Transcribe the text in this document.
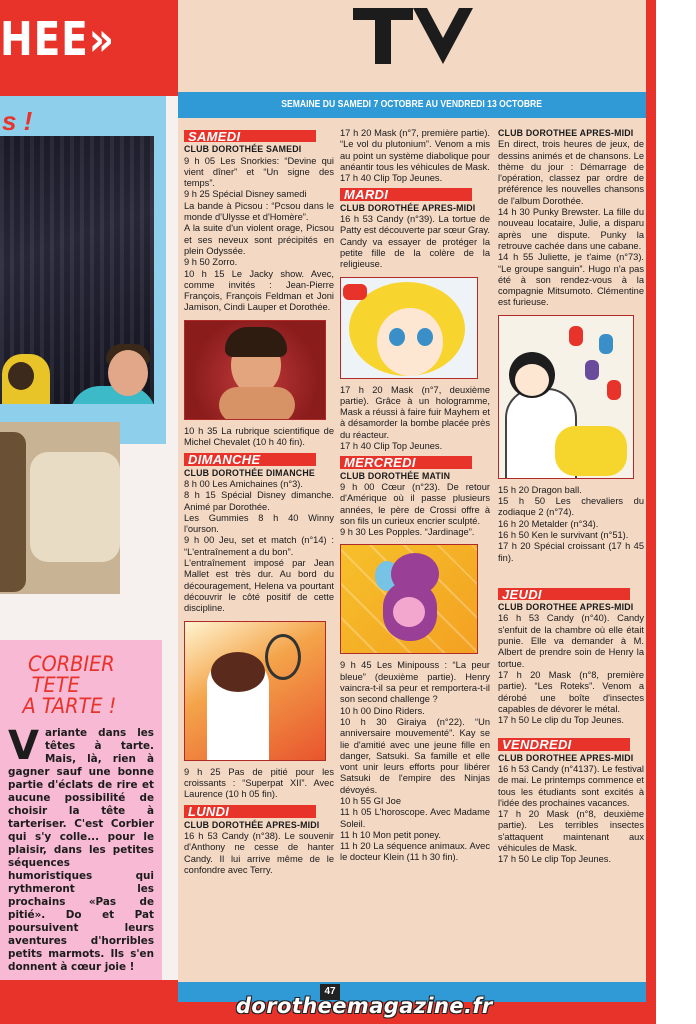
HEE»
s !
CORBIER
TETE
A TARTE !
Variante dans les têtes à tarte. Mais, là, rien à gagner sauf une bonne partie d'éclats de rire et aucune possibilité de choisir la tête à tarteriser. C'est Corbier qui s'y colle... pour le plaisir, dans les petites séquences humoristiques qui rythmeront les prochains «Pas de pitié». Do et Pat poursuivent leurs aventures d'horribles petits marmots. Ils s'en donnent à cœur joie !
SEMAINE DU SAMEDI 7 OCTOBRE AU VENDREDI 13 OCTOBRE
SAMEDI
CLUB DOROTHÉE SAMEDI
9 h 05 Les Snorkies: “Devine qui vient dîner” et “Un signe des temps”.
9 h 25 Spécial Disney samedi
La bande à Picsou : “Pcsou dans le monde d'Ulysse et d'Homère”.
A la suite d'un violent orage, Picsou et ses neveux sont précipités en plein Odyssée.
9 h 50 Zorro.
10 h 15 Le Jacky show. Avec, comme invités : Jean-Pierre François, François Feldman et Joni Jamison, Cindi Lauper et Dorothée.
10 h 35 La rubrique scientifique de Michel Chevalet (10 h 40 fin).
DIMANCHE
CLUB DOROTHÉE DIMANCHE
8 h 00 Les Amichaines (n°3).
8 h 15 Spécial Disney dimanche. Animé par Dorothée.
Les Gummies 8 h 40 Winny l'ourson.
9 h 00 Jeu, set et match (n°14) : “L'entraînement a du bon”.
L'entraînement imposé par Jean Mallet est très dur. Au bord du découragement, Helena va pourtant découvrir le côté positif de cette discipline.
9 h 25 Pas de pitié pour les croissants : “Superpat XII”. Avec Laurence (10 h 05 fin).
LUNDI
CLUB DOROTHÉE APRES-MIDI
16 h 53 Candy (n°38). Le souvenir d'Anthony ne cesse de hanter Candy. Il lui arrive même de le confondre avec Terry.
17 h 20 Mask (n°7, première partie). “Le vol du plutonium”. Venom a mis au point un système diabolique pour anéantir tous les véhicules de Mask.
17 h 40 Clip Top Jeunes.
MARDI
CLUB DOROTHÉE APRES-MIDI
16 h 53 Candy (n°39). La tortue de Patty est découverte par sœur Gray. Candy va essayer de protéger la petite fille de la colère de la religieuse.
17 h 20 Mask (n°7, deuxième partie). Grâce à un hologramme, Mask a réussi à faire fuir Mayhem et à désamorder la bombe placée près du réacteur.
17 h 40 Clip Top Jeunes.
MERCREDI
CLUB DOROTHÉE MATIN
9 h 00 Cœur (n°23). De retour d'Amérique où il passe plusieurs années, le père de Crossi offre à son fils un curieux encrier sculpté.
9 h 30 Les Popples. “Jardinage”.
9 h 45 Les Minipouss : “La peur bleue” (deuxième partie). Henry vaincra-t-il sa peur et remportera-t-il son second challenge ?
10 h 00 Dino Riders.
10 h 30 Giraiya (n°22). “Un anniversaire mouvementé”. Kay se lie d'amitié avec une jeune fille en danger, Satsuki. Sa famille et elle vont unir leurs efforts pour libérer Satsuki de l'empire des Ninjas dévoyés.
10 h 55 GI Joe
11 h 05 L'horoscope. Avec Madame Soleil.
11 h 10 Mon petit poney.
11 h 20 La séquence animaux. Avec le docteur Klein (11 h 30 fin).
CLUB DOROTHEE APRES-MIDI
En direct, trois heures de jeux, de dessins animés et de chansons. Le thème du jour : Démarrage de l'opération, classez par ordre de préférence les nouvelles chansons de l'album Dorothée.
14 h 30 Punky Brewster. La fille du nouveau locataire, Julie, a disparu après une dispute. Punky la retrouve cachée dans une cabane.
14 h 55 Juliette, je t'aime (n°73). “Le groupe sanguin”. Hugo n'a pas été à son rendez-vous à la compagnie Mitsumoto. Clémentine est furieuse.
15 h 20 Dragon ball.
15 h 50 Les chevaliers du zodiaque 2 (n°74).
16 h 20 Metalder (n°34).
16 h 50 Ken le survivant (n°51).
17 h 20 Spécial croissant (17 h 45 fin).
JEUDI
CLUB DOROTHEE APRES-MIDI
16 h 53 Candy (n°40). Candy s'enfuit de la chambre où elle était punie. Elle va demander à M. Albert de prendre soin de Henry la tortue.
17 h 20 Mask (n°8, première partie). “Les Roteks”. Venom a dérobé une boîte d'insectes capables de dévorer le métal.
17 h 50 Le clip du Top Jeunes.
VENDREDI
CLUB DOROTHEE APRES-MIDI
16 h 53 Candy (n°4137). Le festival de mai. Le printemps commence et tous les étudiants sont excités à l'idée des prochaines vacances.
17 h 20 Mask (n°8, deuxième partie). Les terribles insectes s'attaquent maintenant aux véhicules de Mask.
17 h 50 Le clip Top Jeunes.
47
dorotheemagazine.fr
